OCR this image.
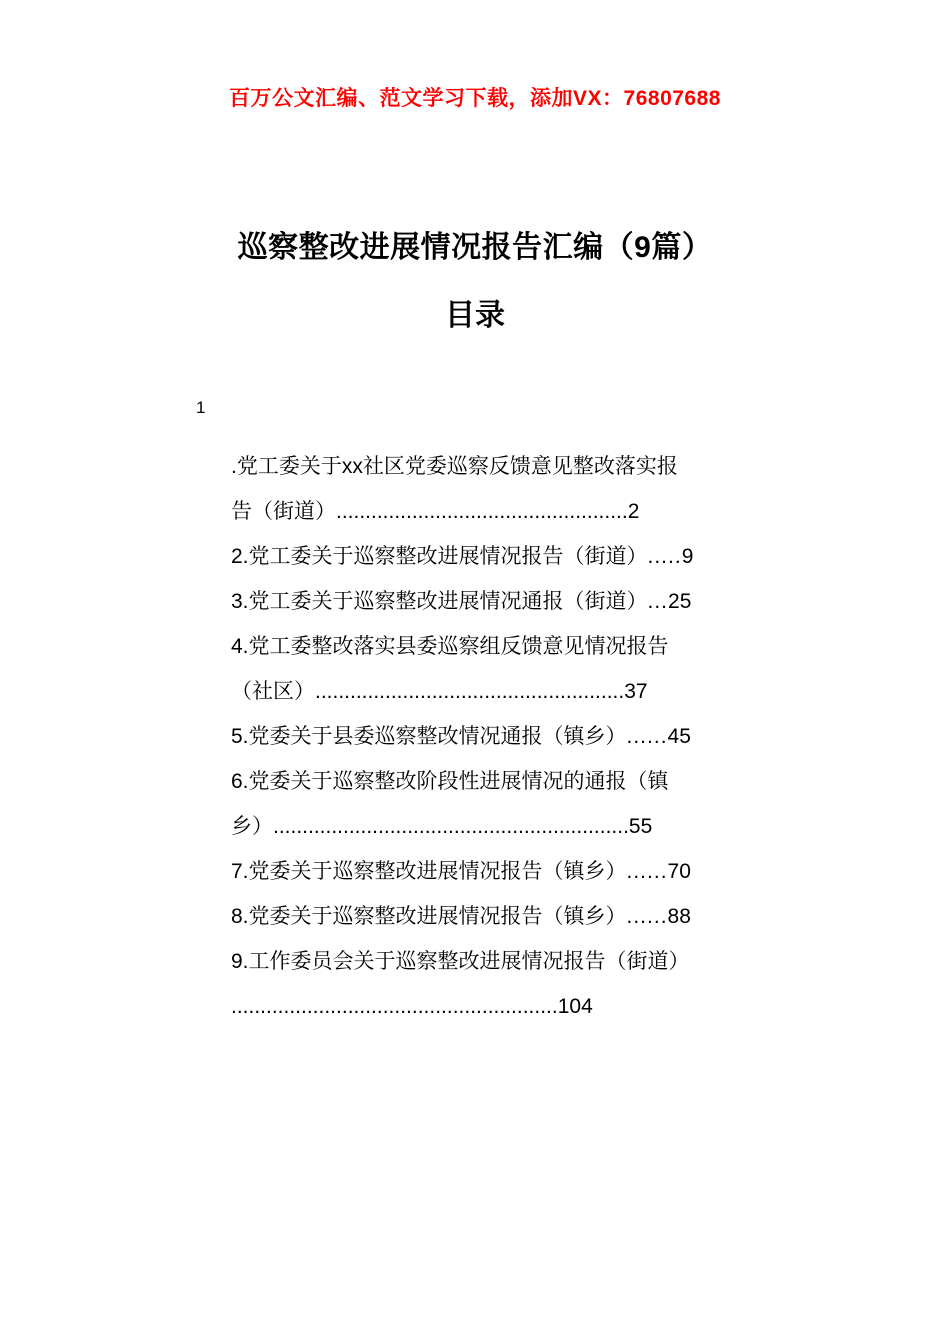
百万公文汇编、范文学习下载，添加VX：76807688
巡察整改进展情况报告汇编（9篇）
目录
1
.党工委关于xx社区党委巡察反馈意见整改落实报
告（街道）..................................................2
2.党工委关于巡察整改进展情况报告（街道）.....9
3.党工委关于巡察整改进展情况通报（街道）...25
4.党工委整改落实县委巡察组反馈意见情况报告
（社区）.....................................................37
5.党委关于县委巡察整改情况通报（镇乡）......45
6.党委关于巡察整改阶段性进展情况的通报（镇
乡）.............................................................55
7.党委关于巡察整改进展情况报告（镇乡）......70
8.党委关于巡察整改进展情况报告（镇乡）......88
9.工作委员会关于巡察整改进展情况报告（街道）
........................................................104
